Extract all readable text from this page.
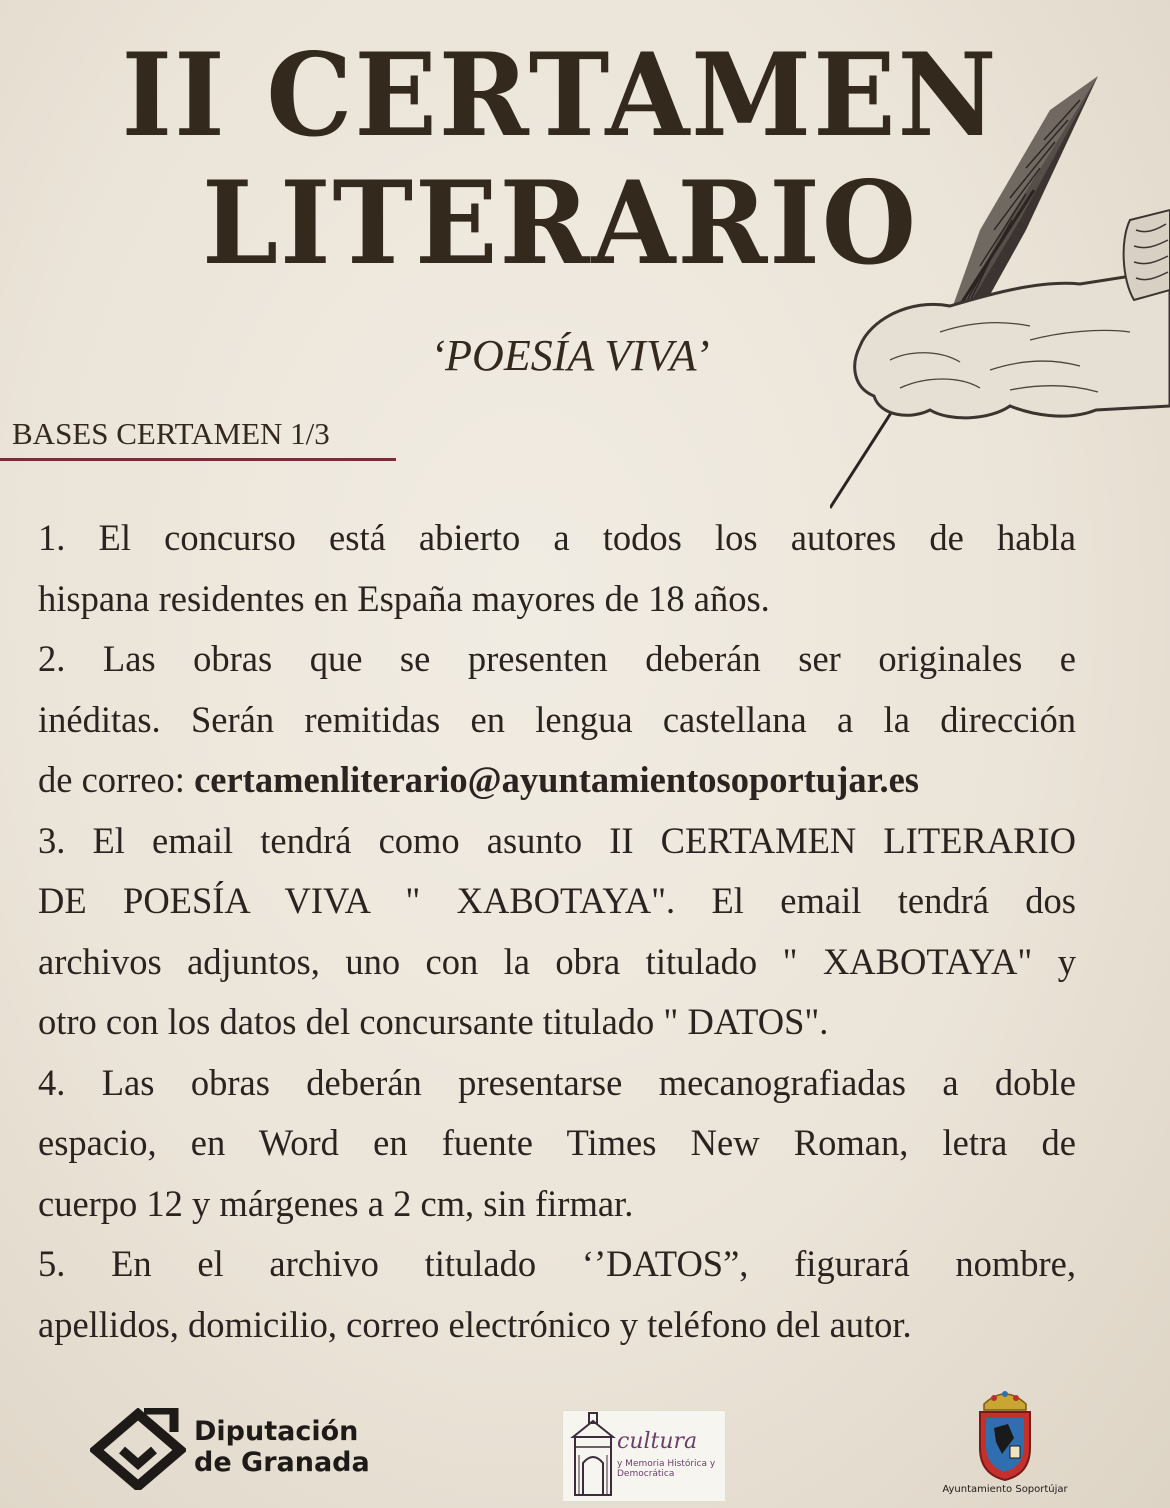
II CERTAMEN
LITERARIO
‘POESÍA VIVA’
BASES CERTAMEN 1/3

1. El concurso está abierto a todos los autores de habla
hispana residentes en España mayores de 18 años.

2. Las obras que se presenten deberán ser originales e
inéditas. Serán remitidas en lengua castellana a la dirección
de correo: certamenliterario@ayuntamientosoportujar.es

3. El email tendrá como asunto II CERTAMEN LITERARIO
DE POESÍA VIVA " XABOTAYA". El email tendrá dos
archivos adjuntos, uno con la obra titulado " XABOTAYA" y
otro con los datos del concursante titulado " DATOS".

4. Las obras deberán presentarse mecanografiadas a doble
espacio, en Word en fuente Times New Roman, letra de
cuerpo 12 y márgenes a 2 cm, sin firmar.

5. En el archivo titulado ‘’DATOS”, figurará nombre,
apellidos, domicilio, correo electrónico y teléfono del autor.

Diputación
de Granada
cultura
y Memoria Histórica y Democrática
Ayuntamiento Soportújar
